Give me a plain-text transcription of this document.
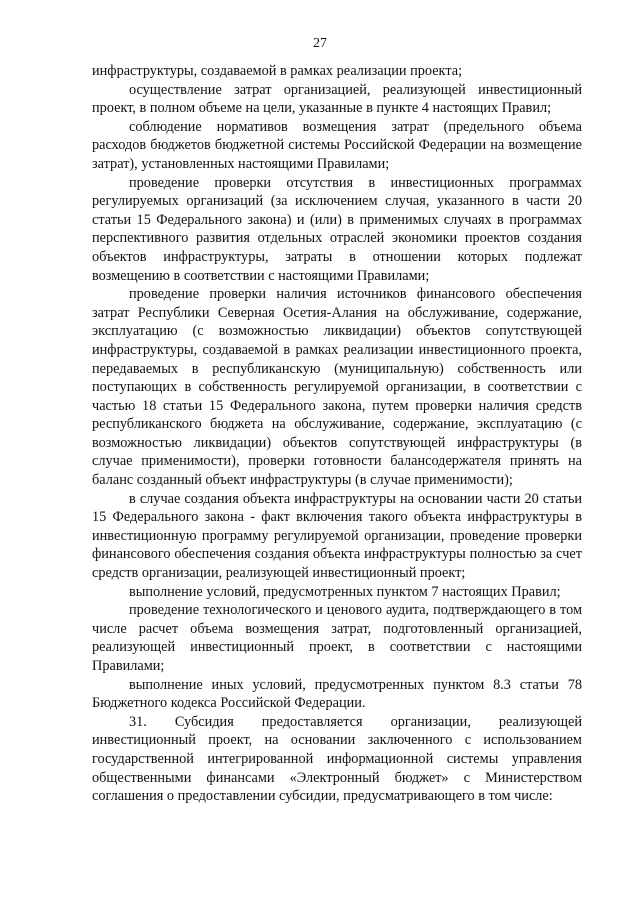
27

инфраструктуры, создаваемой в рамках реализации проекта;

осуществление затрат организацией, реализующей инвестиционный проект, в полном объеме на цели, указанные в пункте 4 настоящих Правил;

соблюдение нормативов возмещения затрат (предельного объема расходов бюджетов бюджетной системы Российской Федерации на возмещение затрат), установленных настоящими Правилами;

проведение проверки отсутствия в инвестиционных программах регулируемых организаций (за исключением случая, указанного в части 20 статьи 15 Федерального закона) и (или) в применимых случаях в программах перспективного развития отдельных отраслей экономики проектов создания объектов инфраструктуры, затраты в отношении которых подлежат возмещению в соответствии с настоящими Правилами;

проведение проверки наличия источников финансового обеспечения затрат Республики Северная Осетия-Алания на обслуживание, содержание, эксплуатацию (с возможностью ликвидации) объектов сопутствующей инфраструктуры, создаваемой в рамках реализации инвестиционного проекта, передаваемых в республиканскую (муниципальную) собственность или поступающих в собственность регулируемой организации, в соответствии с частью 18 статьи 15 Федерального закона, путем проверки наличия средств республиканского бюджета на обслуживание, содержание, эксплуатацию (с возможностью ликвидации) объектов сопутствующей инфраструктуры (в случае применимости), проверки готовности балансодержателя принять на баланс созданный объект инфраструктуры (в случае применимости);

в случае создания объекта инфраструктуры на основании части 20 статьи 15 Федерального закона - факт включения такого объекта инфраструктуры в инвестиционную программу регулируемой организации, проведение проверки финансового обеспечения создания объекта инфраструктуры полностью за счет средств организации, реализующей инвестиционный проект;

выполнение условий, предусмотренных пунктом 7 настоящих Правил;

проведение технологического и ценового аудита, подтверждающего в том числе расчет объема возмещения затрат, подготовленный организацией, реализующей инвестиционный проект, в соответствии с настоящими Правилами;

выполнение иных условий, предусмотренных пунктом 8.3 статьи 78 Бюджетного кодекса Российской Федерации.

31. Субсидия предоставляется организации, реализующей инвестиционный проект, на основании заключенного с использованием государственной интегрированной информационной системы управления общественными финансами «Электронный бюджет» с Министерством соглашения о предоставлении субсидии, предусматривающего в том числе:
